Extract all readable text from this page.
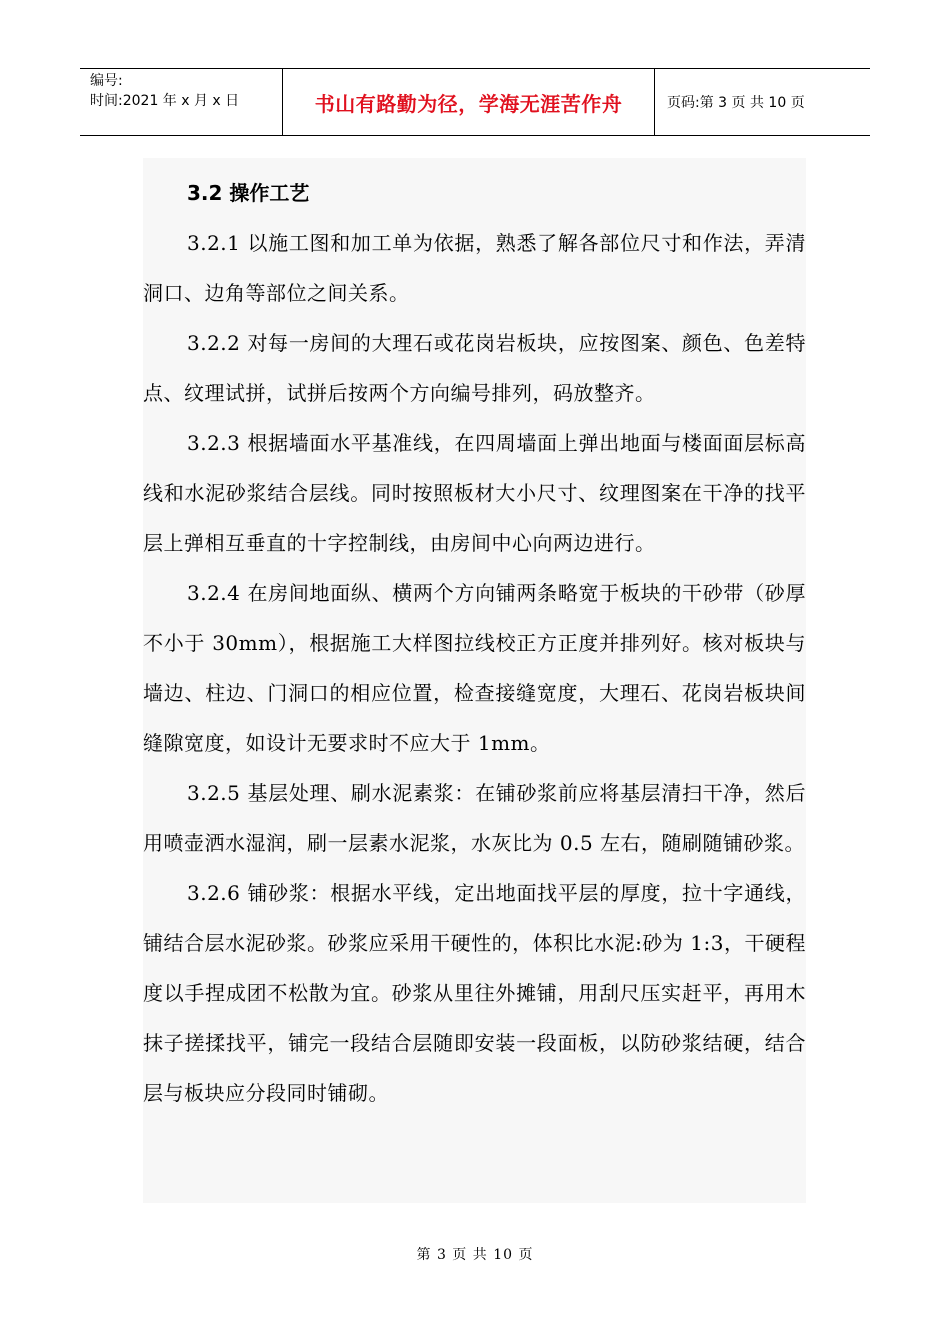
编号:
时间:2021 年 x 月 x 日	书山有路勤为径，学海无涯苦作舟	页码:第 3 页 共 10 页
3.2 操作工艺

3.2.1 以施工图和加工单为依据，熟悉了解各部位尺寸和作法，弄清洞口、边角等部位之间关系。

3.2.2 对每一房间的大理石或花岗岩板块，应按图案、颜色、色差特点、纹理试拼，试拼后按两个方向编号排列，码放整齐。

3.2.3 根据墙面水平基准线，在四周墙面上弹出地面与楼面面层标高线和水泥砂浆结合层线。同时按照板材大小尺寸、纹理图案在干净的找平层上弹相互垂直的十字控制线，由房间中心向两边进行。

3.2.4 在房间地面纵、横两个方向铺两条略宽于板块的干砂带（砂厚不小于 30mm），根据施工大样图拉线校正方正度并排列好。核对板块与墙边、柱边、门洞口的相应位置，检查接缝宽度，大理石、花岗岩板块间缝隙宽度，如设计无要求时不应大于 1mm。

3.2.5 基层处理、刷水泥素浆：在铺砂浆前应将基层清扫干净，然后用喷壶洒水湿润，刷一层素水泥浆，水灰比为 0.5 左右，随刷随铺砂浆。

3.2.6 铺砂浆：根据水平线，定出地面找平层的厚度，拉十字通线，铺结合层水泥砂浆。砂浆应采用干硬性的，体积比水泥:砂为 1:3，干硬程度以手捏成团不松散为宜。砂浆从里往外摊铺，用刮尺压实赶平，再用木抹子搓揉找平，铺完一段结合层随即安装一段面板，以防砂浆结硬，结合层与板块应分段同时铺砌。

第 3 页 共 10 页
